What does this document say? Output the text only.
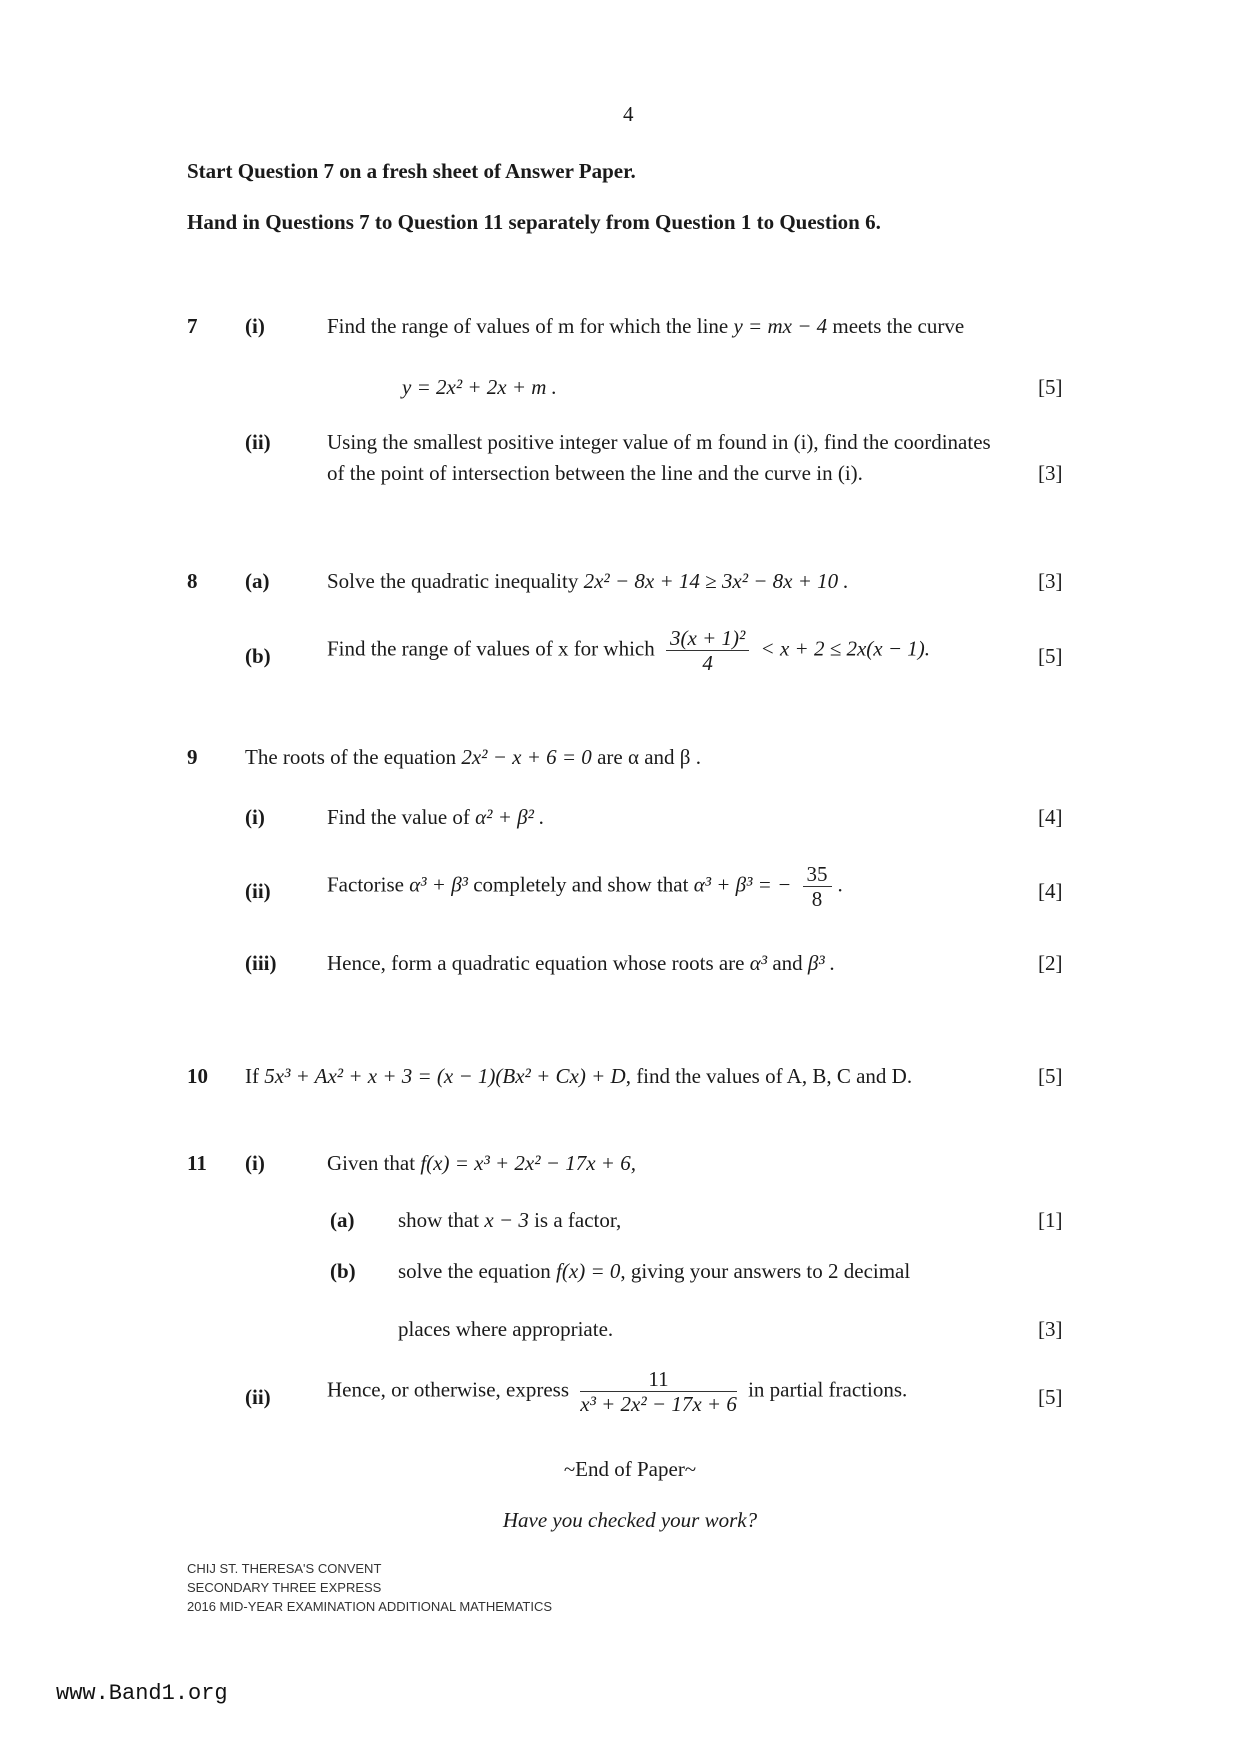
4
Start Question 7 on a fresh sheet of Answer Paper.
Hand in Questions 7 to Question 11 separately from Question 1 to Question 6.
7 (i)	Find the range of values of m for which the line y = mx − 4 meets the curve
y = 2x² + 2x + m .	[5]
(ii)	Using the smallest positive integer value of m found in (i), find the coordinates
of the point of intersection between the line and the curve in (i).	[3]
8 (a)	Solve the quadratic inequality 2x² − 8x + 14 ≥ 3x² − 8x + 10 .	[3]
(b)	Find the range of values of x for which $\frac{\text{3(x + 1)²}}{4} < x + 2 \le 2x(x - 1)$.	[5]
9 The roots of the equation 2x² − x + 6 = 0 are α and β .
(i)	Find the value of α² + β² .	[4]
(ii)	Factorise α³ + β³ completely and show that α³ + β³ = − $\frac{35}{8}$ .	[4]
(iii) Hence, form a quadratic equation whose roots are α³ and β³ .	[2]
10 If 5x³ + Ax² + x + 3 = (x − 1)(Bx² + Cx) + D, find the values of A, B, C and D.	[5]
11 (i)	Given that f(x) = x³ + 2x² − 17x + 6,
(a) show that x − 3 is a factor,	[1]
(b) solve the equation f(x) = 0, giving your answers to 2 decimal
places where appropriate.	[3]
(ii)	Hence, or otherwise, express $\frac{11}{\text{x³ + 2x² − 17x + 6}}$ in partial fractions.	[5]
~End of Paper~
Have you checked your work?
CHIJ ST. THERESA'S CONVENT
SECONDARY THREE EXPRESS
2016 MID-YEAR EXAMINATION ADDITIONAL MATHEMATICS
www.Band1.org
